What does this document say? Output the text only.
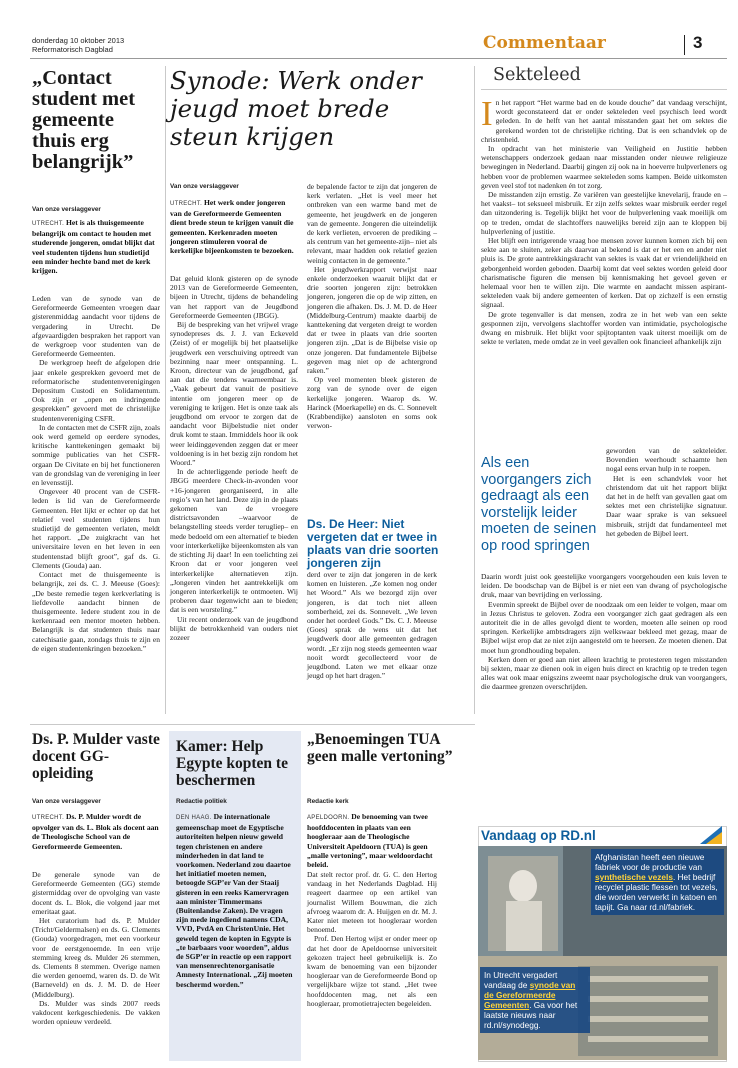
donderdag 10 oktober 2013
Reformatorisch Dagblad	Commentaar	3
„Contact student met gemeente thuis erg belangrijk”
Van onze verslaggever
UTRECHT. Het is als thuisgemeente belangrijk om contact te houden met studerende jongeren, omdat blijkt dat veel studenten tijdens hun studietijd een minder hechte band met de kerk krijgen.

Leden van de synode van de Gereformeerde Gemeenten vroegen daar gisterenmiddag aandacht voor tijdens de vergadering in Utrecht. De afgevaardigden bespraken het rapport van de werkgroep voor studenten van de Gereformeerde Gemeenten.

De werkgroep heeft de afgelopen drie jaar enkele gesprekken gevoerd met de reformatorische studentenverenigingen Depositum Custodi en Solidamentum. Ook zijn er „open en indringende gesprekken” gevoerd met de christelijke studentenvereniging CSFR.

In de contacten met de CSFR zijn, zoals ook werd gemeld op eerdere synodes, kritische kanttekeningen gemaakt bij sommige publicaties van het CSFR-orgaan De Civitate en bij het functioneren van de grondslag van de vereniging in leer en levensstijl.

Ongeveer 40 procent van de CSFR-leden is lid van de Gereformeerde Gemeenten. Het lijkt er echter op dat het relatief veel studenten tijdens hun studietijd de gemeenten verlaten, meldt het rapport. „De zuigkracht van het universitaire leven en het leven in een studentenstad blijft groot”, gaf ds. G. Clements (Gouda) aan.

Contact met de thuisgemeente is belangrijk, zei ds. C. J. Meeuse (Goes): „De beste remedie tegen kerkverlating is liefdevolle aandacht binnen de thuisgemeente. Iedere student zou in de kerkenraad een mentor moeten hebben. Belangrijk is dat studenten thuis naar catechisatie gaan, zondags thuis te zijn en de eigen studentenkringen bezoeken.”

Synode: Werk onder jeugd moet brede steun krijgen
Van onze verslaggever
UTRECHT. Het werk onder jongeren van de Gereformeerde Gemeenten dient brede steun te krijgen vanuit die gemeenten. Kerkenraden moeten jongeren stimuleren vooral de kerkelijke bijeenkomsten te bezoeken.

Dat geluid klonk gisteren op de synode 2013 van de Gereformeerde Gemeenten, bijeen in Utrecht, tijdens de behandeling van het rapport van de Jeugdbond Gereformeerde Gemeenten (JBGG).

Bij de bespreking van het vrijwel vrage synodepreses ds. J. J. van Eckeveld (Zeist) of er mogelijk bij het plaatselijke jeugdwerk een verschuiving optreedt van bezinning naar meer ontspanning. L. Kroon, directeur van de jeugdbond, gaf aan dat die tendens waarneembaar is. „Vaak gebeurt dat vanuit de positieve intentie om jongeren meer op de vereniging te krijgen. Het is onze taak als jeugdbond om ervoor te zorgen dat de aandacht voor Bijbelstudie niet onder druk komt te staan. Immiddels hoor ik ook weer leidinggevenden zeggen dat er meer voldoening is in het bezig zijn rondom het Woord.”

In de achterliggende periode heeft de JBGG meerdere Check-in-avonden voor +16-jongeren georganiseerd, in alle regio’s van het land. Deze zijn in de plaats gekomen van de vroegere districtsavonden –waarvoor de belangstelling steeds verder terugliep– en mede bedoeld om een alternatief te bieden voor interkerkelijke bijeenkomsten als van de stichting Jij daar! In een toelichting zei Kroon dat er voor jongeren veel interkerkelijke alternatieven zijn. „Jongeren vinden het aantrekkelijk om jongeren interkerkelijk te ontmoeten. Wij proberen daar tegenwicht aan te bieden; dat is een worsteling.”

Uit recent onderzoek van de jeugdbond blijkt de betrokkenheid van ouders niet zozeer

de bepalende factor te zijn dat jongeren de kerk verlaten. „Het is veel meer het ontbreken van een warme band met de gemeente, het jeugdwerk en de jongeren van de gemeente. Jongeren die uiteindelijk de kerk verlieten, ervoeren de prediking –als centrum van het gemeente-zijn– niet als relevant, maar hadden ook relatief gezien weinig contacten in de gemeente.”

Het jeugdwerkrapport verwijst naar enkele onderzoeken waaruit blijkt dat er drie soorten jongeren zijn: betrokken jongeren, jongeren die op de wip zitten, en jongeren die afhaken. Ds. J. M. D. de Heer (Middelburg-Centrum) maakte daarbij de kanttekening dat vergeten dreigt te worden dat er twee in plaats van drie soorten jongeren zijn. „Dat is de Bijbelse visie op onze jongeren. Dat fundamentele Bijbelse gegeven mag niet op de achtergrond raken.”

Op veel momenten bleek gisteren de zorg van de synode over de eigen kerkelijke jongeren. Waarop ds. W. Harinck (Moerkapelle) en ds. C. Sonnevelt (Krabbendijke) aansloten en soms ook verwon-

Ds. De Heer: Niet vergeten dat er twee in plaats van drie soorten jongeren zijn

derd over te zijn dat jongeren in de kerk komen en luisteren. „Ze komen nog onder het Woord.” Als we bezorgd zijn over jongeren, is dat toch niet alleen somberheid, zei ds. Sonnevelt. „We leven onder het oordeel Gods.” Ds. C. J. Meeuse (Goes) sprak de wens uit dat het jeugdwerk door alle gemeenten gedragen wordt. „Er zijn nog steeds gemeenten waar nooit wordt gecollecteerd voor de jeugdbond. Laten we met elkaar onze jeugd op het hart dragen.”

Sekteleed
I n het rapport “Het warme bad en de koude douche” dat vandaag verschijnt, wordt geconstateerd dat er onder sekteleden veel psychisch leed wordt geleden. In de helft van het aantal misstanden gaat het om sektes die gerekend worden tot de christelijke richting. Dat is een schandvlek op de christenheid.

In opdracht van het ministerie van Veiligheid en Justitie hebben wetenschappers onderzoek gedaan naar misstanden onder nieuwe religieuze bewegingen in Nederland. Daarbij gingen zij ook na in hoeverre hulpverleners og hebben voor de problemen waarmee sekteleden soms kampen. Beide uitkomsten geven veel stof tot nadenken én tot zorg.

De misstanden zijn ernstig. Ze variëren van geestelijke knevelarij, fraude en –het vaakst– tot seksueel misbruik. Er zijn zelfs sektes waar misbruik eerder regel dan uitzondering is. Tegelijk blijkt het voor de hulpverlening vaak moeilijk om op te treden, omdat de slachtoffers nauwelijks bereid zijn aan te kloppen bij hulpverlening of justitie.

Het blijft een intrigerende vraag hoe mensen zover kunnen komen zich bij een sekte aan te sluiten, zeker als daarvan al bekend is dat er het een en ander niet pluis is. De grote aantrekkingskracht van sektes is vaak dat er vriendelijkheid en geborgenheid worden geboden. Daarbij komt dat veel sektes worden geleid door charismatische figuren die mensen bij kennismaking het gevoel geven er helemaal voor hen te willen zijn. Die warmte en aandacht missen aspirant-sekteleden vaak bij andere gemeenten of kerken. Dat op zichzelf is een ernstig signaal.

De grote tegenvaller is dat mensen, zodra ze in het web van een sekte gesponnen zijn, vervolgens slachtoffer worden van intimidatie, psychologische dwang en misbruik. Het blijkt voor spijtoptanten vaak uiterst moeilijk om de sekte te verlaten, mede omdat ze in veel gevallen ook financieel afhankelijk zijn

Als een voorgangers zich gedraagt als een vorstelijk leider moeten de seinen op rood springen

geworden van de sekteleider. Bovendien weerhoudt schaamte hen nogal eens ervan hulp in te roepen.

Het is een schandvlek voor het christendom dat uit het rapport blijkt dat het in de helft van gevallen gaat om sektes met een christelijke signatuur. Daar waar sprake is van seksueel misbruik, strijdt dat fundamenteel met het gebeden de Bijbel leert.

Daarin wordt juist ook geestelijke voorgangers voorgehouden een kuis leven te leiden. De boodschap van de Bijbel is er niet een van dwang of psychologische druk, maar van bevrijding en verlossing.

Evenmin spreekt de Bijbel over de noodzaak om een leider te volgen, maar om in Jezus Christus te geloven. Zodra een voorganger zich gaat gedragen als een autoriteit die in de alles gevolgd dient te worden, moeten alle seinen op rood springen. Kerkelijke ambtsdragers zijn welkswaar bekleed met gezag, maar de Bijbel wijst erop dat ze niet zijn aangesteld om te heersen. Ze moeten dienen. Dat moet hun grondhouding bepalen.

Kerken doen er goed aan niet alleen krachtig te protesteren tegen misstanden bij sekten, maar ze dienen ook in eigen huis direct en krachtig op te treden tegen alles wat ook maar enigszins zweemt naar psychologische druk van voorgangers, die daarmee grenzen overschrijden.

Ds. P. Mulder vaste docent GG-opleiding
Van onze verslaggever
UTRECHT. Ds. P. Mulder wordt de opvolger van ds. L. Blok als docent aan de Theologische School van de Gereformeerde Gemeenten.

De generale synode van de Gereformeerde Gemeenten (GG) stemde gistermiddag over de opvolging van vaste docent ds. L. Blok, die volgend jaar met emeritaat gaat.

Het curatorium had ds. P. Mulder (Tricht/Geldermalsen) en ds. G. Clements (Gouda) voorgedragen, met een voorkeur voor de eerstgenoemde. In een vrije stemming kreeg ds. Mulder 26 stemmen, ds. Clements 8 stemmen. Overige namen die werden genoemd, waren ds. D. de Wit (Barneveld) en ds. J. M. D. de Heer (Middelburg).

Ds. Mulder was sinds 2007 reeds vakdocent kerkgeschiedenis. De vakken worden opnieuw verdeeld.

Kamer: Help Egypte kopten te beschermen
Redactie politiek
DEN HAAG. De internationale gemeenschap moet de Egyptische autoriteiten helpen nieuw geweld tegen christenen en andere minderheden in dat land te voorkomen. Nederland zou daartoe het initiatief moeten nemen, betoogde SGP’er Van der Staaij gisteren in een reeks Kamervragen aan minister Timmermans (Buitenlandse Zaken). De vragen zijn mede ingediend namens CDA, VVD, PvdA en ChristenUnie. Het geweld tegen de kopten in Egypte is „te barbaars voor woorden”, aldus de SGP’er in reactie op een rapport van mensenrechtenorganisatie Amnesty International. „Zij moeten beschermd worden.”
„Benoemingen TUA geen malle vertoning”
Redactie kerk
APELDOORN. De benoeming van twee hoofddocenten in plaats van een hoogleraar aan de Theologische Universiteit Apeldoorn (TUA) is geen „malle vertoning”, maar weldoordacht beleid.

Dat stelt rector prof. dr. G. C. den Hertog vandaag in het Nederlands Dagblad. Hij reageert daarmee op een artikel van journalist Willem Bouwman, die zich afvroeg waarom dr. A. Huijgen en dr. M. J. Kater niet meteen tot hoogleraar worden benoemd.

Prof. Den Hertog wijst er onder meer op dat het door de Apeldoornse universiteit gekozen traject heel gebruikelijk is. Zo kwam de benoeming van een bijzonder hoogleraar van de Gereformeerde Bond op vergelijkbare wijze tot stand. „Het twee hoofddocenten mag, net als een hoogleraar, promotietrajecten begeleiden.

Vandaag op RD.nl
Afghanistan heeft een nieuwe fabriek voor de productie van synthetische vezels. Het bedrijf recyclet plastic flessen tot vezels, die worden verwerkt in katoen en tapijt. Ga naar rd.nl/fabriek.
In Utrecht vergadert vandaag de synode van de Gereformeerde Gemeenten. Ga voor het laatste nieuws naar rd.nl/synodegg.
